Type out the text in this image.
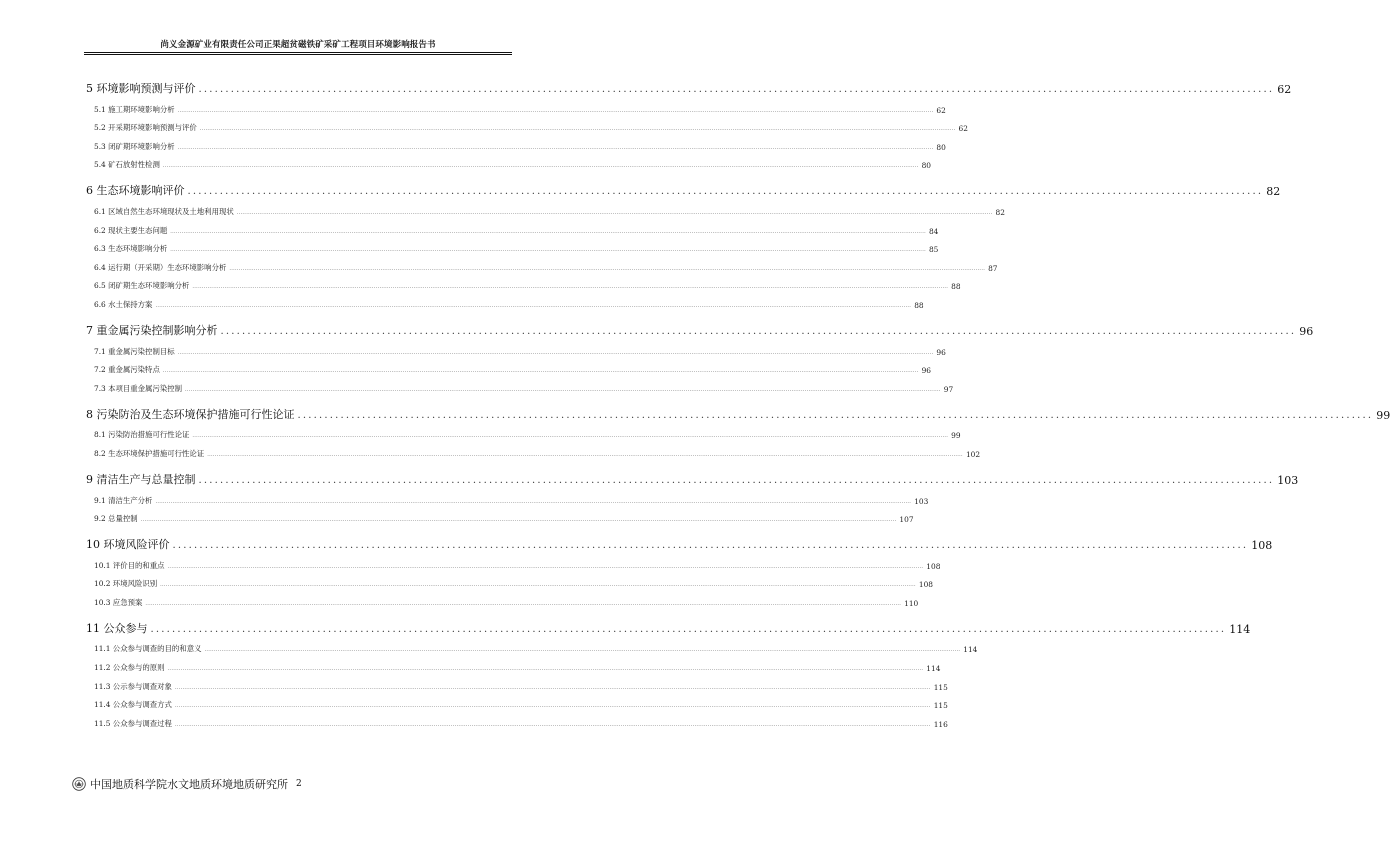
尚义金源矿业有限责任公司正果超贫磁铁矿采矿工程项目环境影响报告书
5 环境影响预测与评价 ........................................................................................................................................................................................................ 62
5.1 施工期环境影响分析 ................................................................................................................................................................................................................................................................................................................................................................................................................ 62
5.2 开采期环境影响预测与评价 ................................................................................................................................................................................................................................................................................................................................................................................................................ 62
5.3 闭矿期环境影响分析 ................................................................................................................................................................................................................................................................................................................................................................................................................ 80
5.4 矿石放射性检测 ................................................................................................................................................................................................................................................................................................................................................................................................................ 80
6 生态环境影响评价 ........................................................................................................................................................................................................ 82
6.1 区域自然生态环境现状及土地利用现状 ................................................................................................................................................................................................................................................................................................................................................................................................................ 82
6.2 现状主要生态问题 ................................................................................................................................................................................................................................................................................................................................................................................................................ 84
6.3 生态环境影响分析 ................................................................................................................................................................................................................................................................................................................................................................................................................ 85
6.4 运行期（开采期）生态环境影响分析 ................................................................................................................................................................................................................................................................................................................................................................................................................ 87
6.5 闭矿期生态环境影响分析 ................................................................................................................................................................................................................................................................................................................................................................................................................ 88
6.6 水土保持方案 ................................................................................................................................................................................................................................................................................................................................................................................................................ 88
7 重金属污染控制影响分析 ........................................................................................................................................................................................................ 96
7.1 重金属污染控制目标 ................................................................................................................................................................................................................................................................................................................................................................................................................ 96
7.2 重金属污染特点 ................................................................................................................................................................................................................................................................................................................................................................................................................ 96
7.3 本项目重金属污染控制 ................................................................................................................................................................................................................................................................................................................................................................................................................ 97
8 污染防治及生态环境保护措施可行性论证 ........................................................................................................................................................................................................ 99
8.1 污染防治措施可行性论证 ................................................................................................................................................................................................................................................................................................................................................................................................................ 99
8.2 生态环境保护措施可行性论证 ................................................................................................................................................................................................................................................................................................................................................................................................................ 102
9 清洁生产与总量控制 ........................................................................................................................................................................................................ 103
9.1 清洁生产分析 ................................................................................................................................................................................................................................................................................................................................................................................................................ 103
9.2 总量控制 ................................................................................................................................................................................................................................................................................................................................................................................................................ 107
10 环境风险评价 ........................................................................................................................................................................................................ 108
10.1 评价目的和重点 ................................................................................................................................................................................................................................................................................................................................................................................................................ 108
10.2 环境风险识别 ................................................................................................................................................................................................................................................................................................................................................................................................................ 108
10.3 应急预案 ................................................................................................................................................................................................................................................................................................................................................................................................................ 110
11 公众参与 ........................................................................................................................................................................................................ 114
11.1 公众参与调查的目的和意义 ................................................................................................................................................................................................................................................................................................................................................................................................................ 114
11.2 公众参与的原则 ................................................................................................................................................................................................................................................................................................................................................................................................................ 114
11.3 公示参与调查对象 ................................................................................................................................................................................................................................................................................................................................................................................................................ 115
11.4 公众参与调查方式 ................................................................................................................................................................................................................................................................................................................................................................................................................ 115
11.5 公众参与调查过程 ................................................................................................................................................................................................................................................................................................................................................................................................................ 116
中国地质科学院水文地质环境地质研究所 2
